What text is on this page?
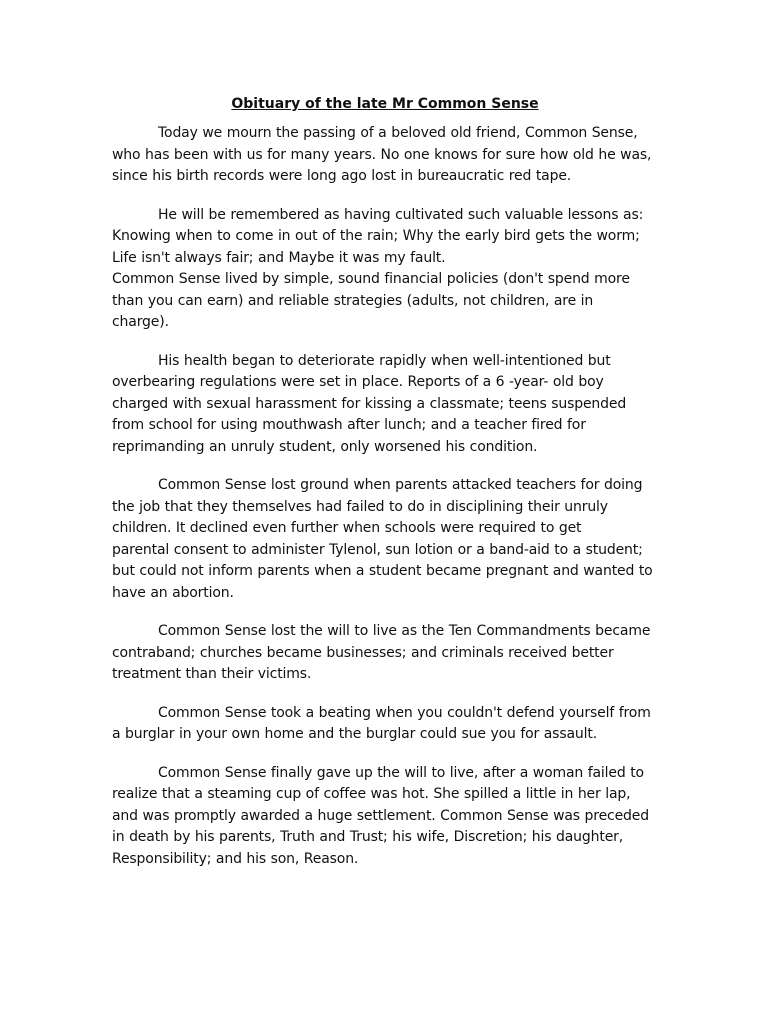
Obituary of the late Mr Common Sense
Today we mourn the passing of a beloved old friend, Common Sense,
who has been with us for many years. No one knows for sure how old he was,
since his birth records were long ago lost in bureaucratic red tape.
He will be remembered as having cultivated such valuable lessons as:
Knowing when to come in out of the rain; Why the early bird gets the worm;
Life isn't always fair; and Maybe it was my fault.
Common Sense lived by simple, sound financial policies (don't spend more
than you can earn) and reliable strategies (adults, not children, are in
charge).
His health began to deteriorate rapidly when well-intentioned but
overbearing regulations were set in place. Reports of a 6 -year- old boy
charged with sexual harassment for kissing a classmate; teens suspended
from school for using mouthwash after lunch; and a teacher fired for
reprimanding an unruly student, only worsened his condition.
Common Sense lost ground when parents attacked teachers for doing
the job that they themselves had failed to do in disciplining their unruly
children. It declined even further when schools were required to get
parental consent to administer Tylenol, sun lotion or a band-aid to a student;
but could not inform parents when a student became pregnant and wanted to
have an abortion.
Common Sense lost the will to live as the Ten Commandments became
contraband; churches became businesses; and criminals received better
treatment than their victims.
Common Sense took a beating when you couldn't defend yourself from
a burglar in your own home and the burglar could sue you for assault.
Common Sense finally gave up the will to live, after a woman failed to
realize that a steaming cup of coffee was hot. She spilled a little in her lap,
and was promptly awarded a huge settlement. Common Sense was preceded
in death by his parents, Truth and Trust; his wife, Discretion; his daughter,
Responsibility; and his son, Reason.
